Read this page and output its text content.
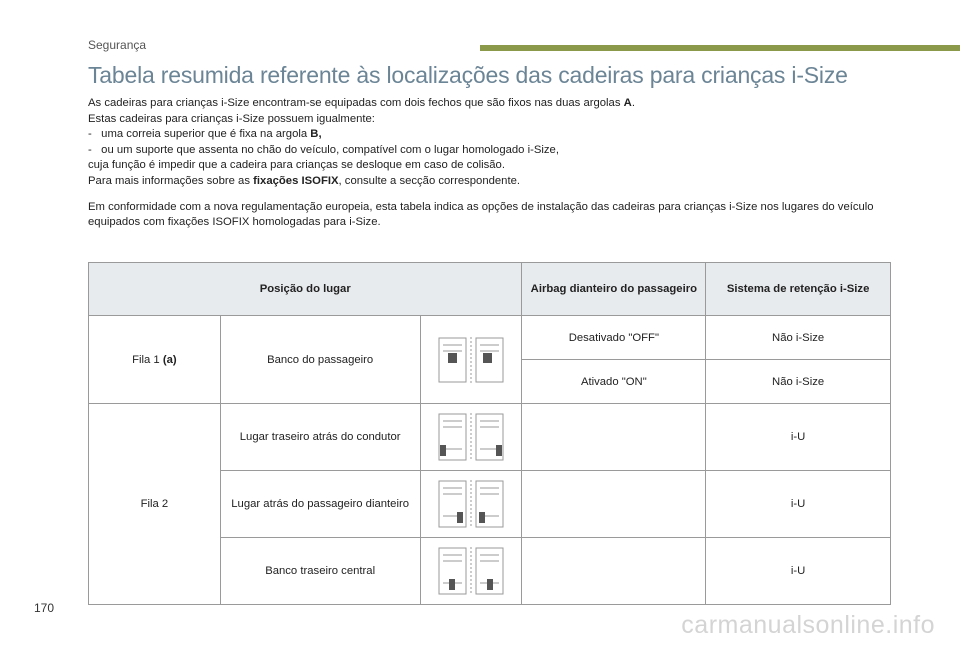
Segurança
Tabela resumida referente às localizações das cadeiras para crianças i-Size

As cadeiras para crianças i-Size encontram-se equipadas com dois fechos que são fixos nas duas argolas A.

Estas cadeiras para crianças i-Size possuem igualmente:

-   uma correia superior que é fixa na argola B,

-   ou um suporte que assenta no chão do veículo, compatível com o lugar homologado i-Size,

cuja função é impedir que a cadeira para crianças se desloque em caso de colisão.

Para mais informações sobre as fixações ISOFIX, consulte a secção correspondente.

Em conformidade com a nova regulamentação europeia, esta tabela indica as opções de instalação das cadeiras para crianças i-Size nos lugares do veículo equipados com fixações ISOFIX homologadas para i-Size.

Posição do lugar			Airbag dianteiro do passageiro	Sistema de retenção i-Size
Fila 1 (a)	Banco do passageiro		Desativado "OFF"	Não i-Size
			Ativado "ON"	Não i-Size
Fila 2	Lugar traseiro atrás do condutor			i-U
	Lugar atrás do passageiro dianteiro			i-U
	Banco traseiro central			i-U
170
carmanualsonline.info
